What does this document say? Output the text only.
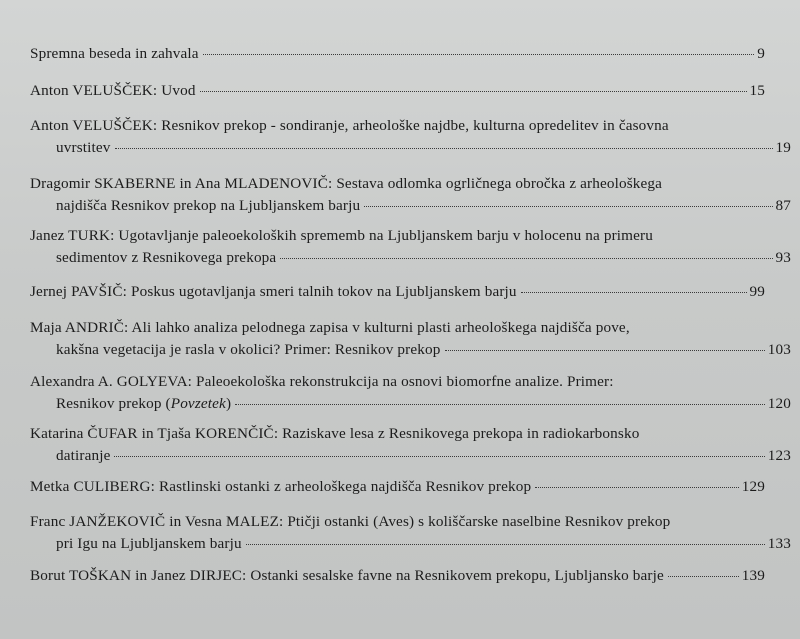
Spremna beseda in zahvala	9
Anton VELUŠČEK: Uvod	15
Anton VELUŠČEK: Resnikov prekop - sondiranje, arheološke najdbe, kulturna opredelitev in časovna
uvrstitev	19
Dragomir SKABERNE in Ana MLADENOVIČ: Sestava odlomka ogrličnega obročka z arheološkega
najdišča Resnikov prekop na Ljubljanskem barju	87
Janez TURK: Ugotavljanje paleoekoloških sprememb na Ljubljanskem barju v holocenu na primeru
sedimentov z Resnikovega prekopa	93
Jernej PAVŠIČ: Poskus ugotavljanja smeri talnih tokov na Ljubljanskem barju	99
Maja ANDRIČ: Ali lahko analiza pelodnega zapisa v kulturni plasti arheološkega najdišča pove,
kakšna vegetacija je rasla v okolici? Primer: Resnikov prekop	103
Alexandra A. GOLYEVA: Paleoekološka rekonstrukcija na osnovi biomorfne analize. Primer:
Resnikov prekop (Povzetek)	120
Katarina ČUFAR in Tjaša KORENČIČ: Raziskave lesa z Resnikovega prekopa in radiokarbonsko
datiranje	123
Metka CULIBERG: Rastlinski ostanki z arheološkega najdišča Resnikov prekop	129
Franc JANŽEKOVIČ in Vesna MALEZ: Ptičji ostanki (Aves) s koliščarske naselbine Resnikov prekop
pri Igu na Ljubljanskem barju	133
Borut TOŠKAN in Janez DIRJEC: Ostanki sesalske favne na Resnikovem prekopu, Ljubljansko barje	139
